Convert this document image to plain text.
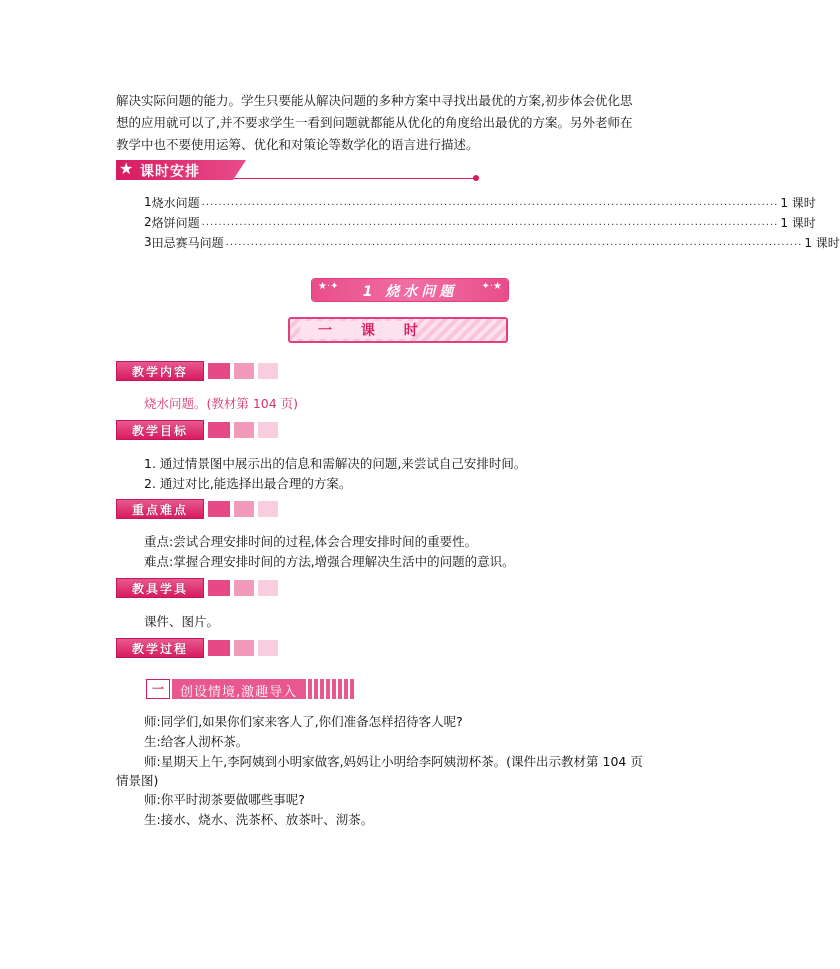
解决实际问题的能力。学生只要能从解决问题的多种方案中寻找出最优的方案,初步体会优化思
想的应用就可以了,并不要求学生一看到问题就都能从优化的角度给出最优的方案。另外老师在
教学中也不要使用运筹、优化和对策论等数学化的语言进行描述。
★ 课时安排
1 烧水问题 .......................................................................................................................................... 1 课时
2 烙饼问题 .......................................................................................................................................... 1 课时
3 田忌赛马问题 .......................................................................................................................................... 1 课时
★·✦	1 烧水问题	✦·★
一 课 时
教学内容
烧水问题。(教材第 104 页)
教学目标
1. 通过情景图中展示出的信息和需解决的问题,来尝试自己安排时间。
2. 通过对比,能选择出最合理的方案。
重点难点
重点:尝试合理安排时间的过程,体会合理安排时间的重要性。
难点:掌握合理安排时间的方法,增强合理解决生活中的问题的意识。
教具学具
课件、图片。
教学过程
一	创设情境,激趣导入
师:同学们,如果你们家来客人了,你们准备怎样招待客人呢?
生:给客人沏杯茶。
师:星期天上午,李阿姨到小明家做客,妈妈让小明给李阿姨沏杯茶。(课件出示教材第 104 页
情景图)
师:你平时沏茶要做哪些事呢?
生:接水、烧水、洗茶杯、放茶叶、沏茶。
